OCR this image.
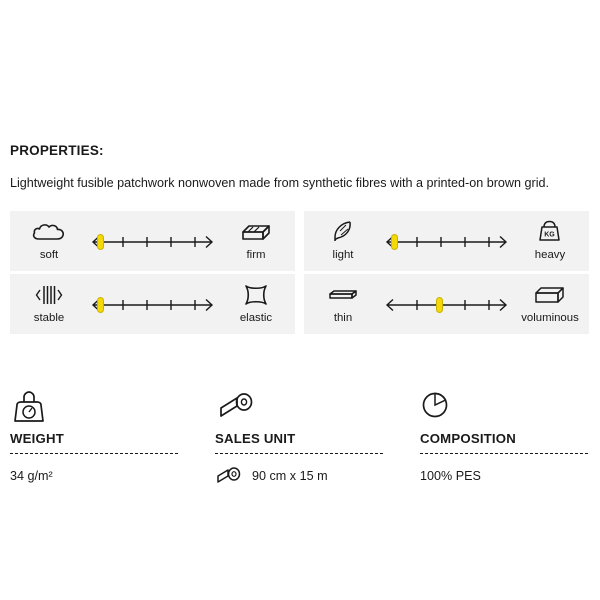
PROPERTIES:
Lightweight fusible patchwork nonwoven made from synthetic fibres with a printed-on brown grid.
soft	firm	light
KG
heavy
stable	elastic	thin	voluminous
WEIGHT
34 g/m²
SALES UNIT
90 cm x 15 m
COMPOSITION
100% PES
